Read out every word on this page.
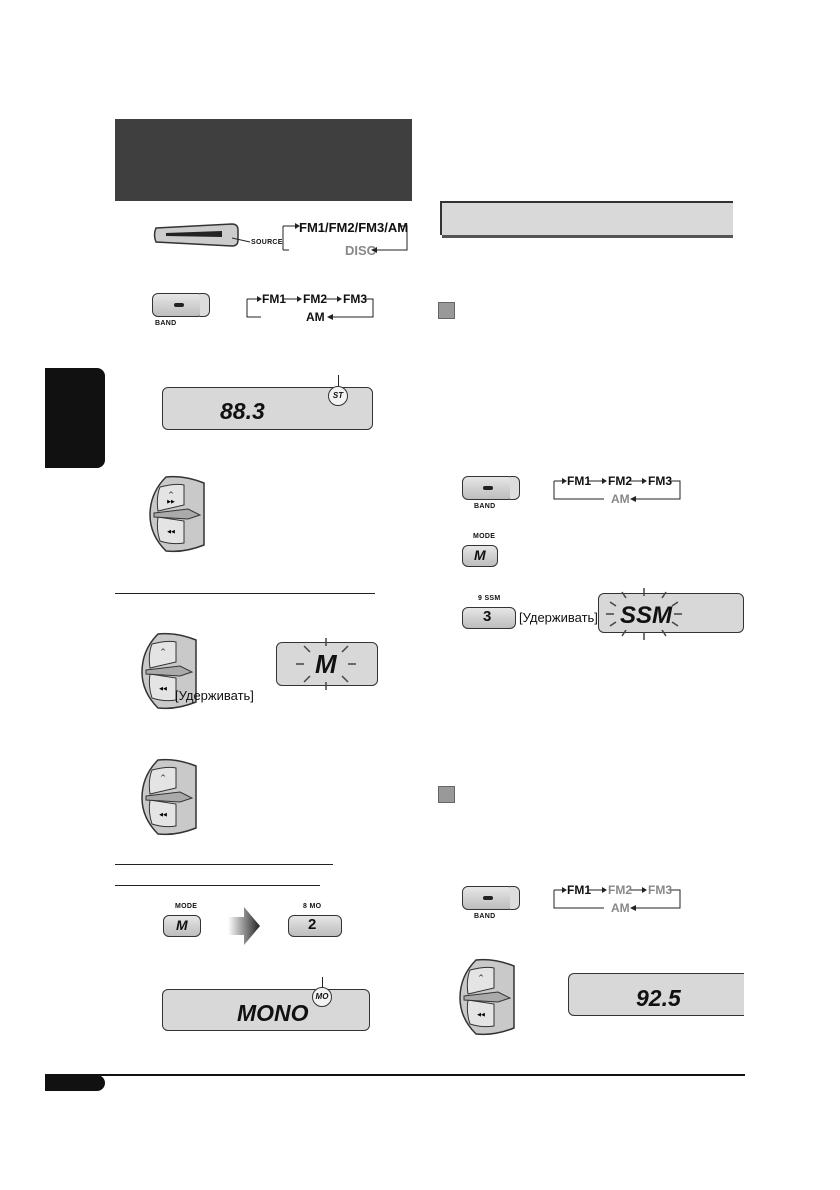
SOURCE
FM1/FM2/FM3/AM
DISC
BAND
FM1 FM2 FM3
AM
88.3
ST
^
▶▶
◀◀
^
◀◀ [Удерживать]
M
^
◀◀
MODE
M
8 MO
2
MONO
MO
BAND
FM1 FM2 FM3
AM
MODE
M
9 SSM
3 [Удерживать] SSM
BAND
FM1 FM2 FM3
AM
^
◀◀
92.5
